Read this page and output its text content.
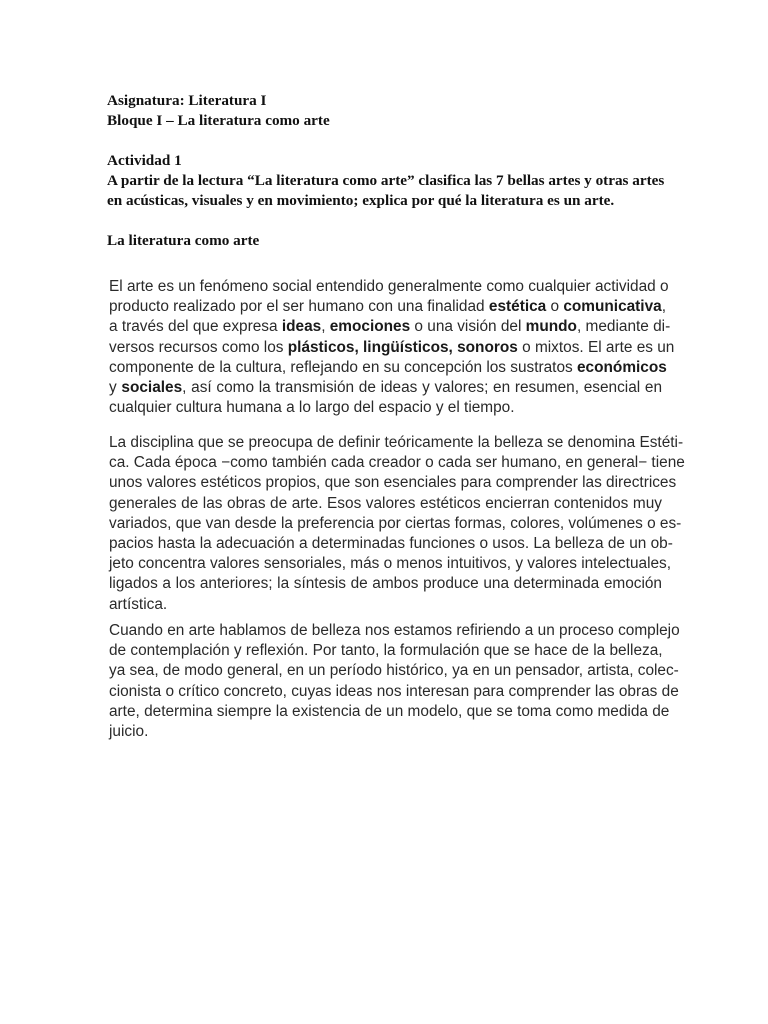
Asignatura: Literatura I
Bloque I – La literatura como arte
Actividad 1
A partir de la lectura “La literatura como arte” clasifica las 7 bellas artes y otras artes
en acústicas, visuales y en movimiento; explica por qué la literatura es un arte.
La literatura como arte
El arte es un fenómeno social entendido generalmente como cualquier actividad o
producto realizado por el ser humano con una finalidad estética o comunicativa,
a través del que expresa ideas, emociones o una visión del mundo, mediante di-
versos recursos como los plásticos, lingüísticos, sonoros o mixtos. El arte es un
componente de la cultura, reflejando en su concepción los sustratos económicos
y sociales, así como la transmisión de ideas y valores; en resumen, esencial en
cualquier cultura humana a lo largo del espacio y el tiempo.
La disciplina que se preocupa de definir teóricamente la belleza se denomina Estéti-
ca. Cada época −como también cada creador o cada ser humano, en general− tiene
unos valores estéticos propios, que son esenciales para comprender las directrices
generales de las obras de arte. Esos valores estéticos encierran contenidos muy
variados, que van desde la preferencia por ciertas formas, colores, volúmenes o es-
pacios hasta la adecuación a determinadas funciones o usos. La belleza de un ob-
jeto concentra valores sensoriales, más o menos intuitivos, y valores intelectuales,
ligados a los anteriores; la síntesis de ambos produce una determinada emoción
artística.
Cuando en arte hablamos de belleza nos estamos refiriendo a un proceso complejo
de contemplación y reflexión. Por tanto, la formulación que se hace de la belleza,
ya sea, de modo general, en un período histórico, ya en un pensador, artista, colec-
cionista o crítico concreto, cuyas ideas nos interesan para comprender las obras de
arte, determina siempre la existencia de un modelo, que se toma como medida de
juicio.
